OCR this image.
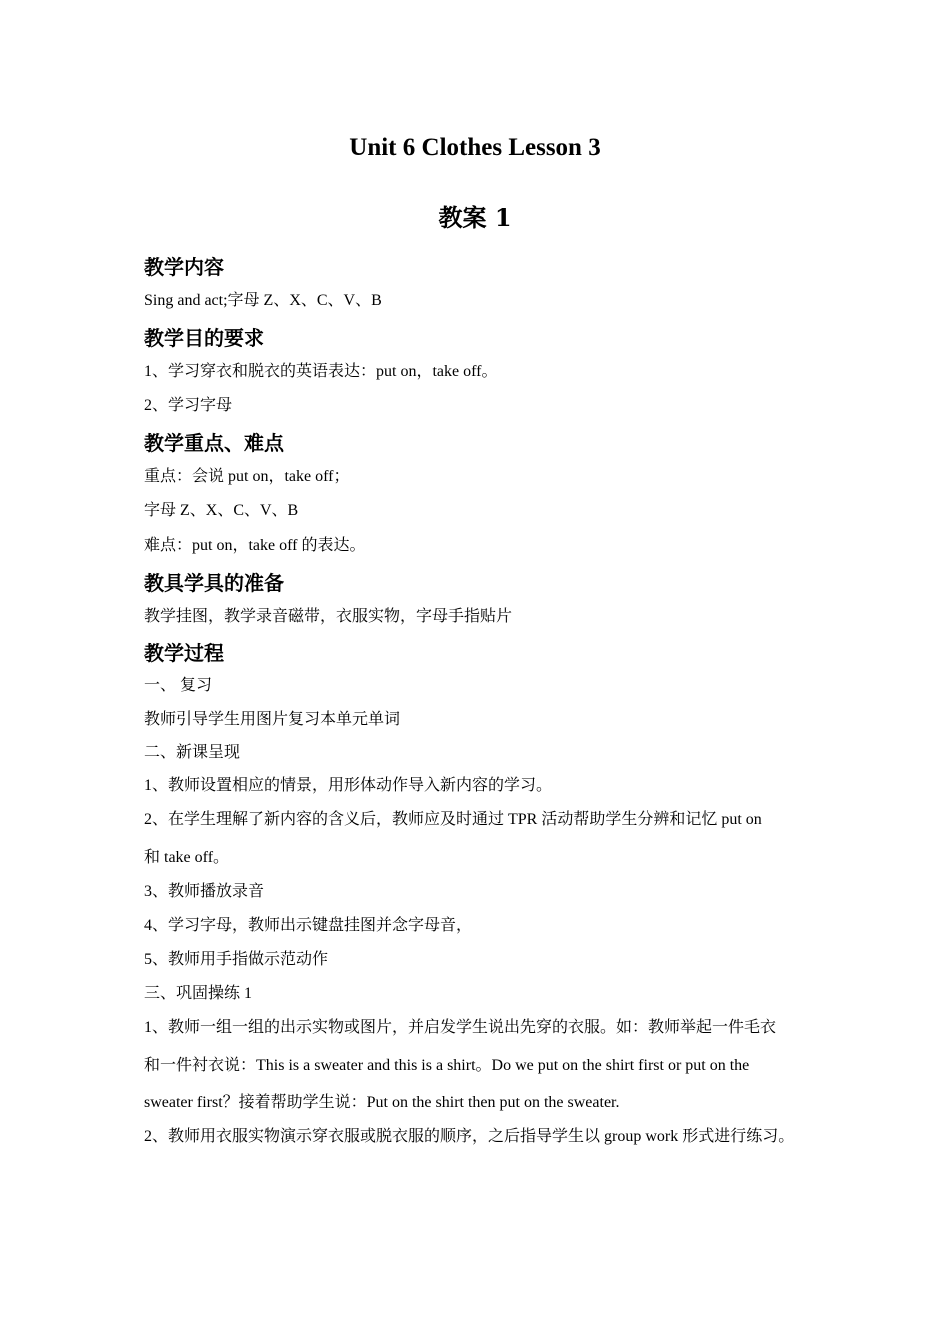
Unit 6 Clothes Lesson 3
教案 1
教学内容

Sing and act;字母 Z、X、C、V、B

教学目的要求

1、学习穿衣和脱衣的英语表达：put on，take off。

2、学习字母

教学重点、难点

重点：会说 put on，take off；

字母 Z、X、C、V、B

难点：put on，take off 的表达。

教具学具的准备

教学挂图，教学录音磁带，衣服实物，字母手指贴片

教学过程

一、 复习

教师引导学生用图片复习本单元单词

二、新课呈现

1、教师设置相应的情景，用形体动作导入新内容的学习。

2、在学生理解了新内容的含义后，教师应及时通过 TPR 活动帮助学生分辨和记忆 put on

和 take off。

3、教师播放录音

4、学习字母，教师出示键盘挂图并念字母音，

5、教师用手指做示范动作

三、巩固操练 1

1、教师一组一组的出示实物或图片，并启发学生说出先穿的衣服。如：教师举起一件毛衣

和一件衬衣说：This is a sweater and this is a shirt。Do we put on the shirt first or put on the

sweater first？接着帮助学生说：Put on the shirt then put on the sweater.

2、教师用衣服实物演示穿衣服或脱衣服的顺序，之后指导学生以 group work 形式进行练习。
